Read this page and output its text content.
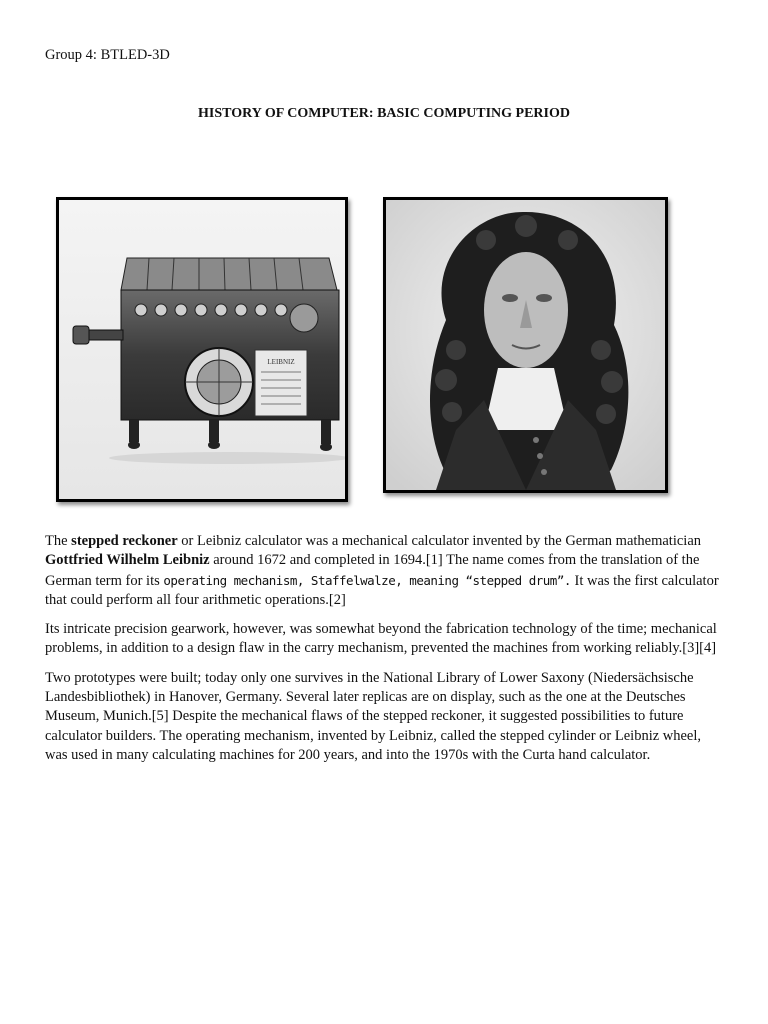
Group 4: BTLED-3D
HISTORY OF COMPUTER: BASIC COMPUTING PERIOD
LEIBNIZ

The stepped reckoner or Leibniz calculator was a mechanical calculator invented by the German mathematician Gottfried Wilhelm Leibniz around 1672 and completed in 1694.[1] The name comes from the translation of the German term for its operating mechanism, Staffelwalze, meaning “stepped drum”. It was the first calculator that could perform all four arithmetic operations.[2]

Its intricate precision gearwork, however, was somewhat beyond the fabrication technology of the time; mechanical problems, in addition to a design flaw in the carry mechanism, prevented the machines from working reliably.[3][4]

Two prototypes were built; today only one survives in the National Library of Lower Saxony (Niedersächsische Landesbibliothek) in Hanover, Germany. Several later replicas are on display, such as the one at the Deutsches Museum, Munich.[5] Despite the mechanical flaws of the stepped reckoner, it suggested possibilities to future calculator builders. The operating mechanism, invented by Leibniz, called the stepped cylinder or Leibniz wheel, was used in many calculating machines for 200 years, and into the 1970s with the Curta hand calculator.
